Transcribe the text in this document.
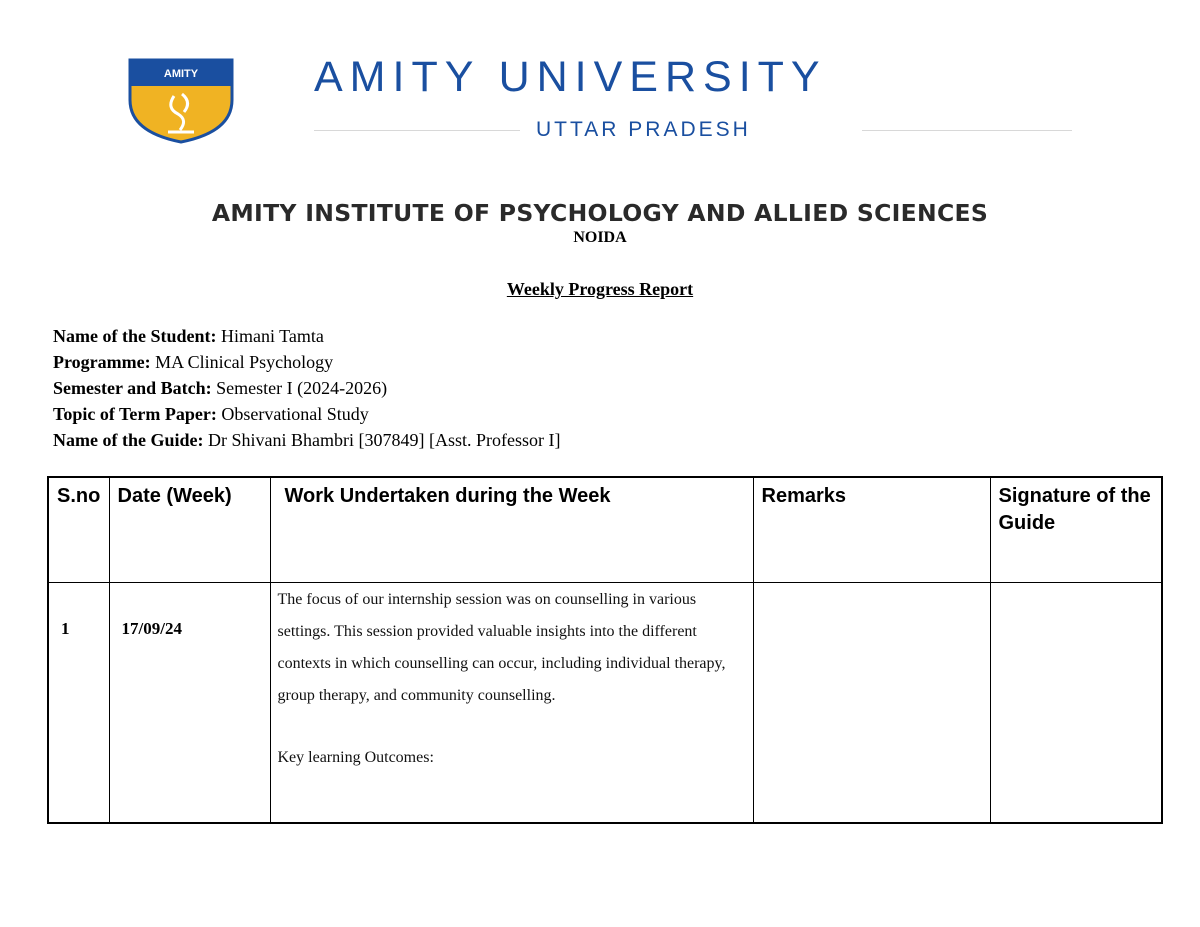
AMITY	AMITY UNIVERSITY
UTTAR PRADESH
AMITY INSTITUTE OF PSYCHOLOGY AND ALLIED SCIENCES
NOIDA
Weekly Progress Report
Name of the Student: Himani Tamta
Programme: MA Clinical Psychology
Semester and Batch: Semester I (2024-2026)
Topic of Term Paper: Observational Study
Name of the Guide: Dr Shivani Bhambri [307849] [Asst. Professor I]
S.no	Date (Week)	Work Undertaken during the Week	Remarks	Signature of the Guide

1	17/09/24	The focus of our internship session was on counselling in various settings. This session provided valuable insights into the different contexts in which counselling can occur, including individual therapy, group therapy, and community counselling.

Key learning Outcomes:		
